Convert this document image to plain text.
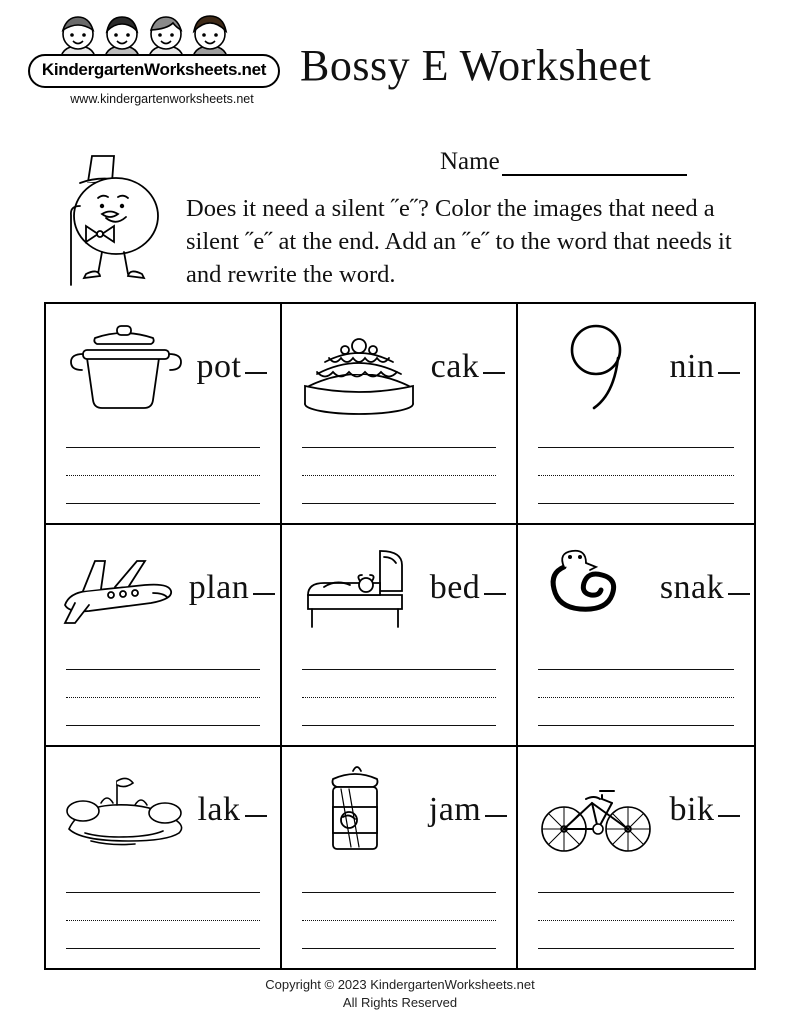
KindergartenWorksheets.net
www.kindergartenworksheets.net
Bossy E Worksheet
Name
Does it need a silent ˝e˝? Color the images that need a silent ˝e˝ at the end. Add an ˝e˝ to the word that needs it and rewrite the word.
pot	cak	nin
plan	bed	snak
lak	jam	bik
Copyright © 2023 KindergartenWorksheets.net
All Rights Reserved
